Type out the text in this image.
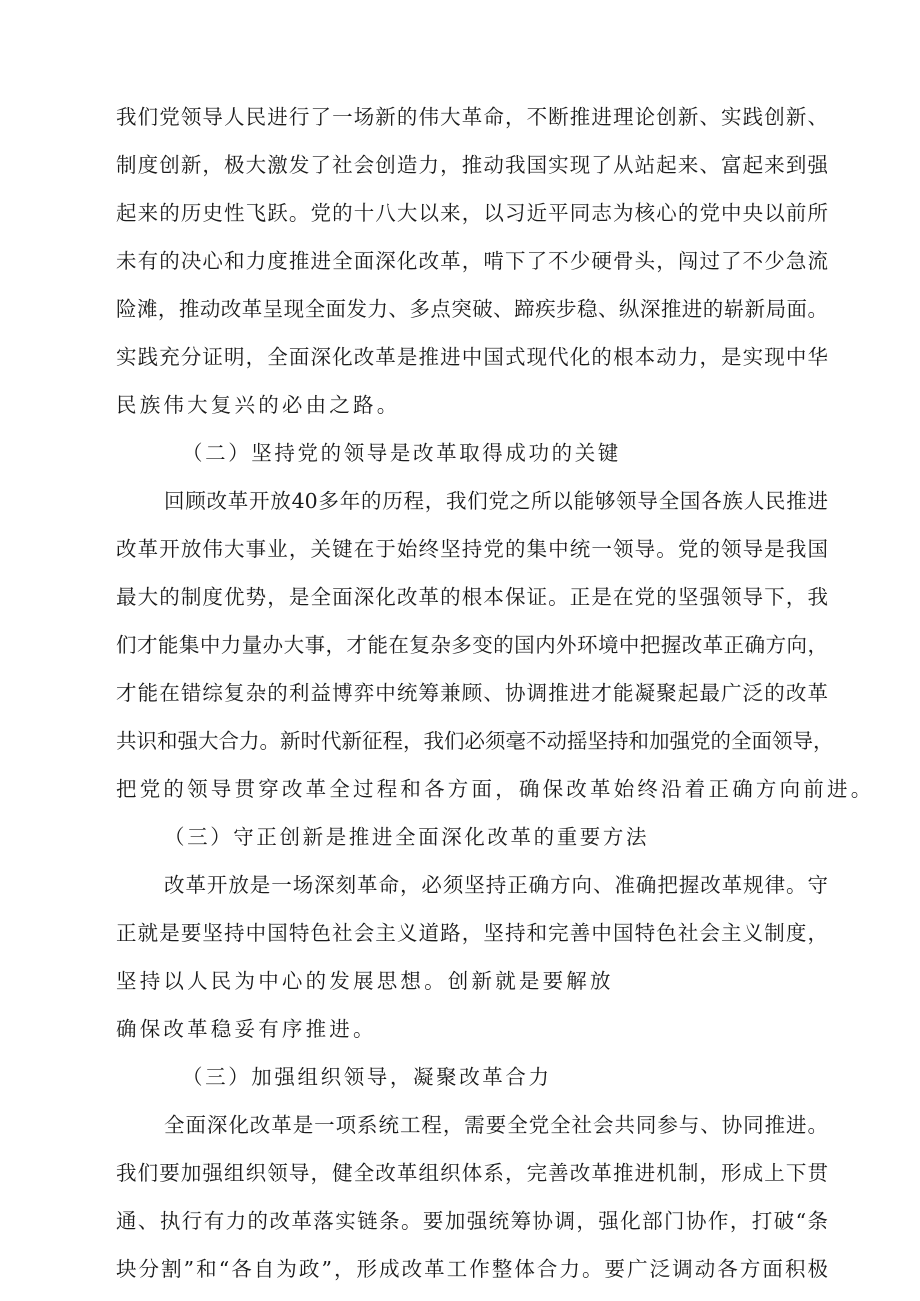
我们党领导人民进行了一场新的伟大革命，不断推进理论创新、实践创新、
制度创新，极大激发了社会创造力，推动我国实现了从站起来、富起来到强
起来的历史性飞跃。党的十八大以来，以习近平同志为核心的党中央以前所
未有的决心和力度推进全面深化改革，啃下了不少硬骨头，闯过了不少急流
险滩，推动改革呈现全面发力、多点突破、蹄疾步稳、纵深推进的崭新局面。
实践充分证明，全面深化改革是推进中国式现代化的根本动力，是实现中华
民族伟大复兴的必由之路。
（二）坚持党的领导是改革取得成功的关键
回顾改革开放40多年的历程，我们党之所以能够领导全国各族人民推进
改革开放伟大事业，关键在于始终坚持党的集中统一领导。党的领导是我国
最大的制度优势，是全面深化改革的根本保证。正是在党的坚强领导下，我
们才能集中力量办大事，才能在复杂多变的国内外环境中把握改革正确方向，
才能在错综复杂的利益博弈中统筹兼顾、协调推进才能凝聚起最广泛的改革
共识和强大合力。新时代新征程，我们必须毫不动摇坚持和加强党的全面领导，
把党的领导贯穿改革全过程和各方面，确保改革始终沿着正确方向前进。
（三）守正创新是推进全面深化改革的重要方法
改革开放是一场深刻革命，必须坚持正确方向、准确把握改革规律。守
正就是要坚持中国特色社会主义道路，坚持和完善中国特色社会主义制度，
坚持以人民为中心的发展思想。创新就是要解放
确保改革稳妥有序推进。
（三）加强组织领导，凝聚改革合力
全面深化改革是一项系统工程，需要全党全社会共同参与、协同推进。
我们要加强组织领导，健全改革组织体系，完善改革推进机制，形成上下贯
通、执行有力的改革落实链条。要加强统筹协调，强化部门协作，打破“条
块分割”和“各自为政”，形成改革工作整体合力。要广泛调动各方面积极
